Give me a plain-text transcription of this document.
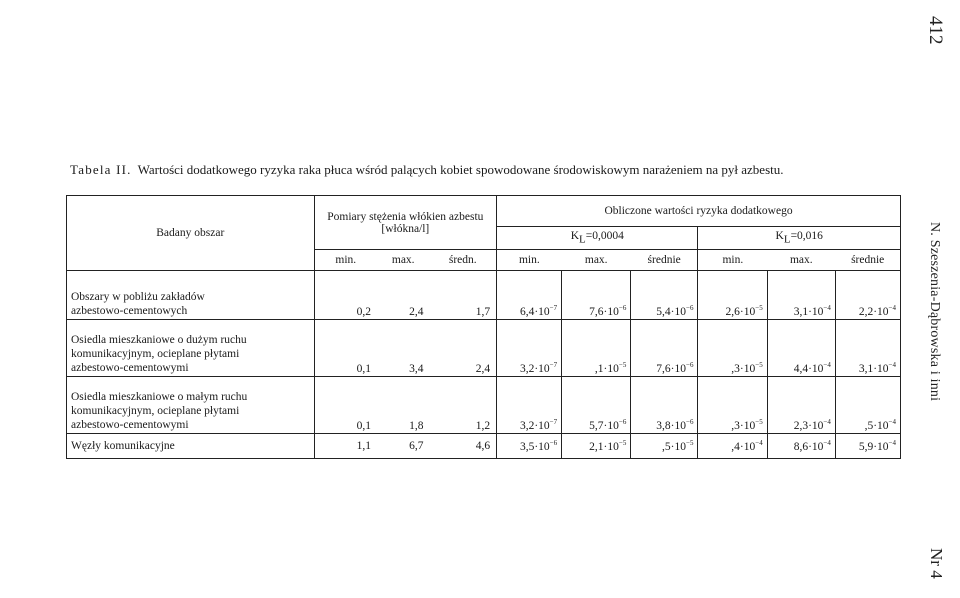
412
N. Szeszenia-Dąbrowska i inni
Nr 4
Tabela II. Wartości dodatkowego ryzyka raka płuca wśród palących kobiet spowodowane środowiskowym narażeniem na pył azbestu.
Badany obszar	Pomiary stężenia włókien azbestu [włókna/l]			Obliczone wartości ryzyka dodatkowego					
				$K_L=0,0004$			$K_L=0,016$		
	min.	max.	średn.	min.	max.	średnie	min.	max.	średnie

Obszary w pobliżu zakładów
azbestowo-cementowych	0,2	2,4	1,7	$6,4\cdot 10^{-7}$	$7,6\cdot 10^{-6}$	$5,4\cdot 10^{-6}$	$2,6\cdot 10^{-5}$	$3,1\cdot 10^{-4}$	$2,2\cdot 10^{-4}$

Osiedla mieszkaniowe o dużym ruchu
komunikacyjnym, ocieplane płytami
azbestowo-cementowymi	0,1	3,4	2,4	$3,2\cdot 10^{-7}$	$,1\cdot 10^{-5}$	$7,6\cdot 10^{-6}$	$,3\cdot 10^{-5}$	$4,4\cdot 10^{-4}$	$3,1\cdot 10^{-4}$

Osiedla mieszkaniowe o małym ruchu
komunikacyjnym, ocieplane płytami
azbestowo-cementowymi	0,1	1,8	1,2	$3,2\cdot 10^{-7}$	$5,7\cdot 10^{-6}$	$3,8\cdot 10^{-6}$	$,3\cdot 10^{-5}$	$2,3\cdot 10^{-4}$	$,5\cdot 10^{-4}$
Węzły komunikacyjne	1,1	6,7	4,6	$3,5\cdot 10^{-6}$	$2,1\cdot 10^{-5}$	$,5\cdot 10^{-5}$	$,4\cdot 10^{-4}$	$8,6\cdot 10^{-4}$	$5,9\cdot 10^{-4}$
